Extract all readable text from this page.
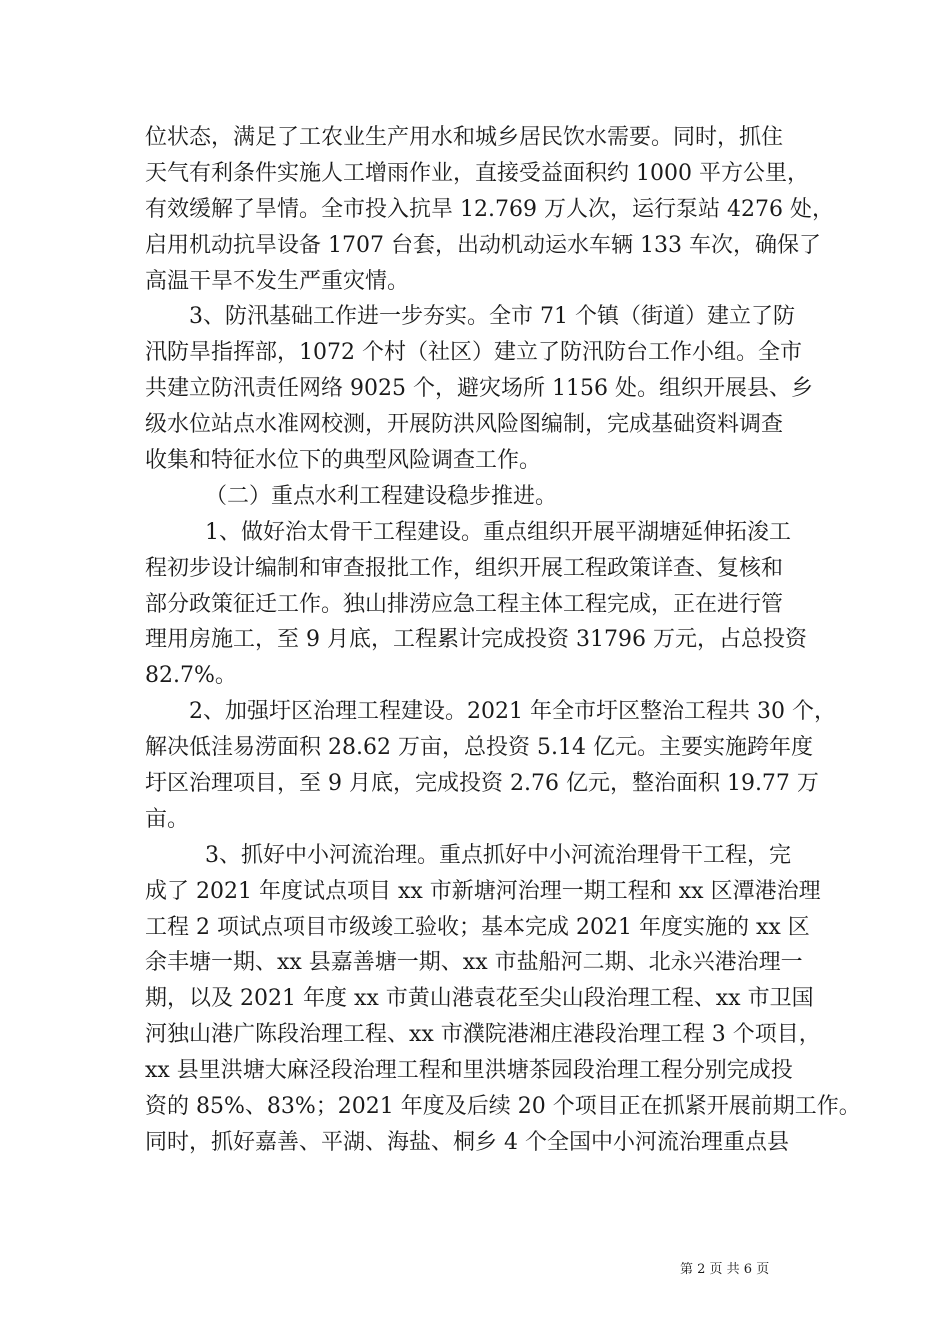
位状态，满足了工农业生产用水和城乡居民饮水需要。同时，抓住
天气有利条件实施人工增雨作业，直接受益面积约 1000 平方公里，
有效缓解了旱情。全市投入抗旱 12.769 万人次，运行泵站 4276 处，
启用机动抗旱设备 1707 台套，出动机动运水车辆 133 车次，确保了
高温干旱不发生严重灾情。
3、防汛基础工作进一步夯实。全市 71 个镇（街道）建立了防
汛防旱指挥部，1072 个村（社区）建立了防汛防台工作小组。全市
共建立防汛责任网络 9025 个，避灾场所 1156 处。组织开展县、乡
级水位站点水准网校测，开展防洪风险图编制，完成基础资料调查
收集和特征水位下的典型风险调查工作。
（二）重点水利工程建设稳步推进。
1、做好治太骨干工程建设。重点组织开展平湖塘延伸拓浚工
程初步设计编制和审查报批工作，组织开展工程政策详查、复核和
部分政策征迁工作。独山排涝应急工程主体工程完成，正在进行管
理用房施工，至 9 月底，工程累计完成投资 31796 万元，占总投资
82.7%。
2、加强圩区治理工程建设。2021 年全市圩区整治工程共 30 个，
解决低洼易涝面积 28.62 万亩，总投资 5.14 亿元。主要实施跨年度
圩区治理项目，至 9 月底，完成投资 2.76 亿元，整治面积 19.77 万
亩。
3、抓好中小河流治理。重点抓好中小河流治理骨干工程，完
成了 2021 年度试点项目 xx 市新塘河治理一期工程和 xx 区潭港治理
工程 2 项试点项目市级竣工验收；基本完成 2021 年度实施的 xx 区
余丰塘一期、xx 县嘉善塘一期、xx 市盐船河二期、北永兴港治理一
期，以及 2021 年度 xx 市黄山港袁花至尖山段治理工程、xx 市卫国
河独山港广陈段治理工程、xx 市濮院港湘庄港段治理工程 3 个项目，
xx 县里洪塘大麻泾段治理工程和里洪塘茶园段治理工程分别完成投
资的 85%、83%；2021 年度及后续 20 个项目正在抓紧开展前期工作。
同时，抓好嘉善、平湖、海盐、桐乡 4 个全国中小河流治理重点县
第 2 页 共 6 页
